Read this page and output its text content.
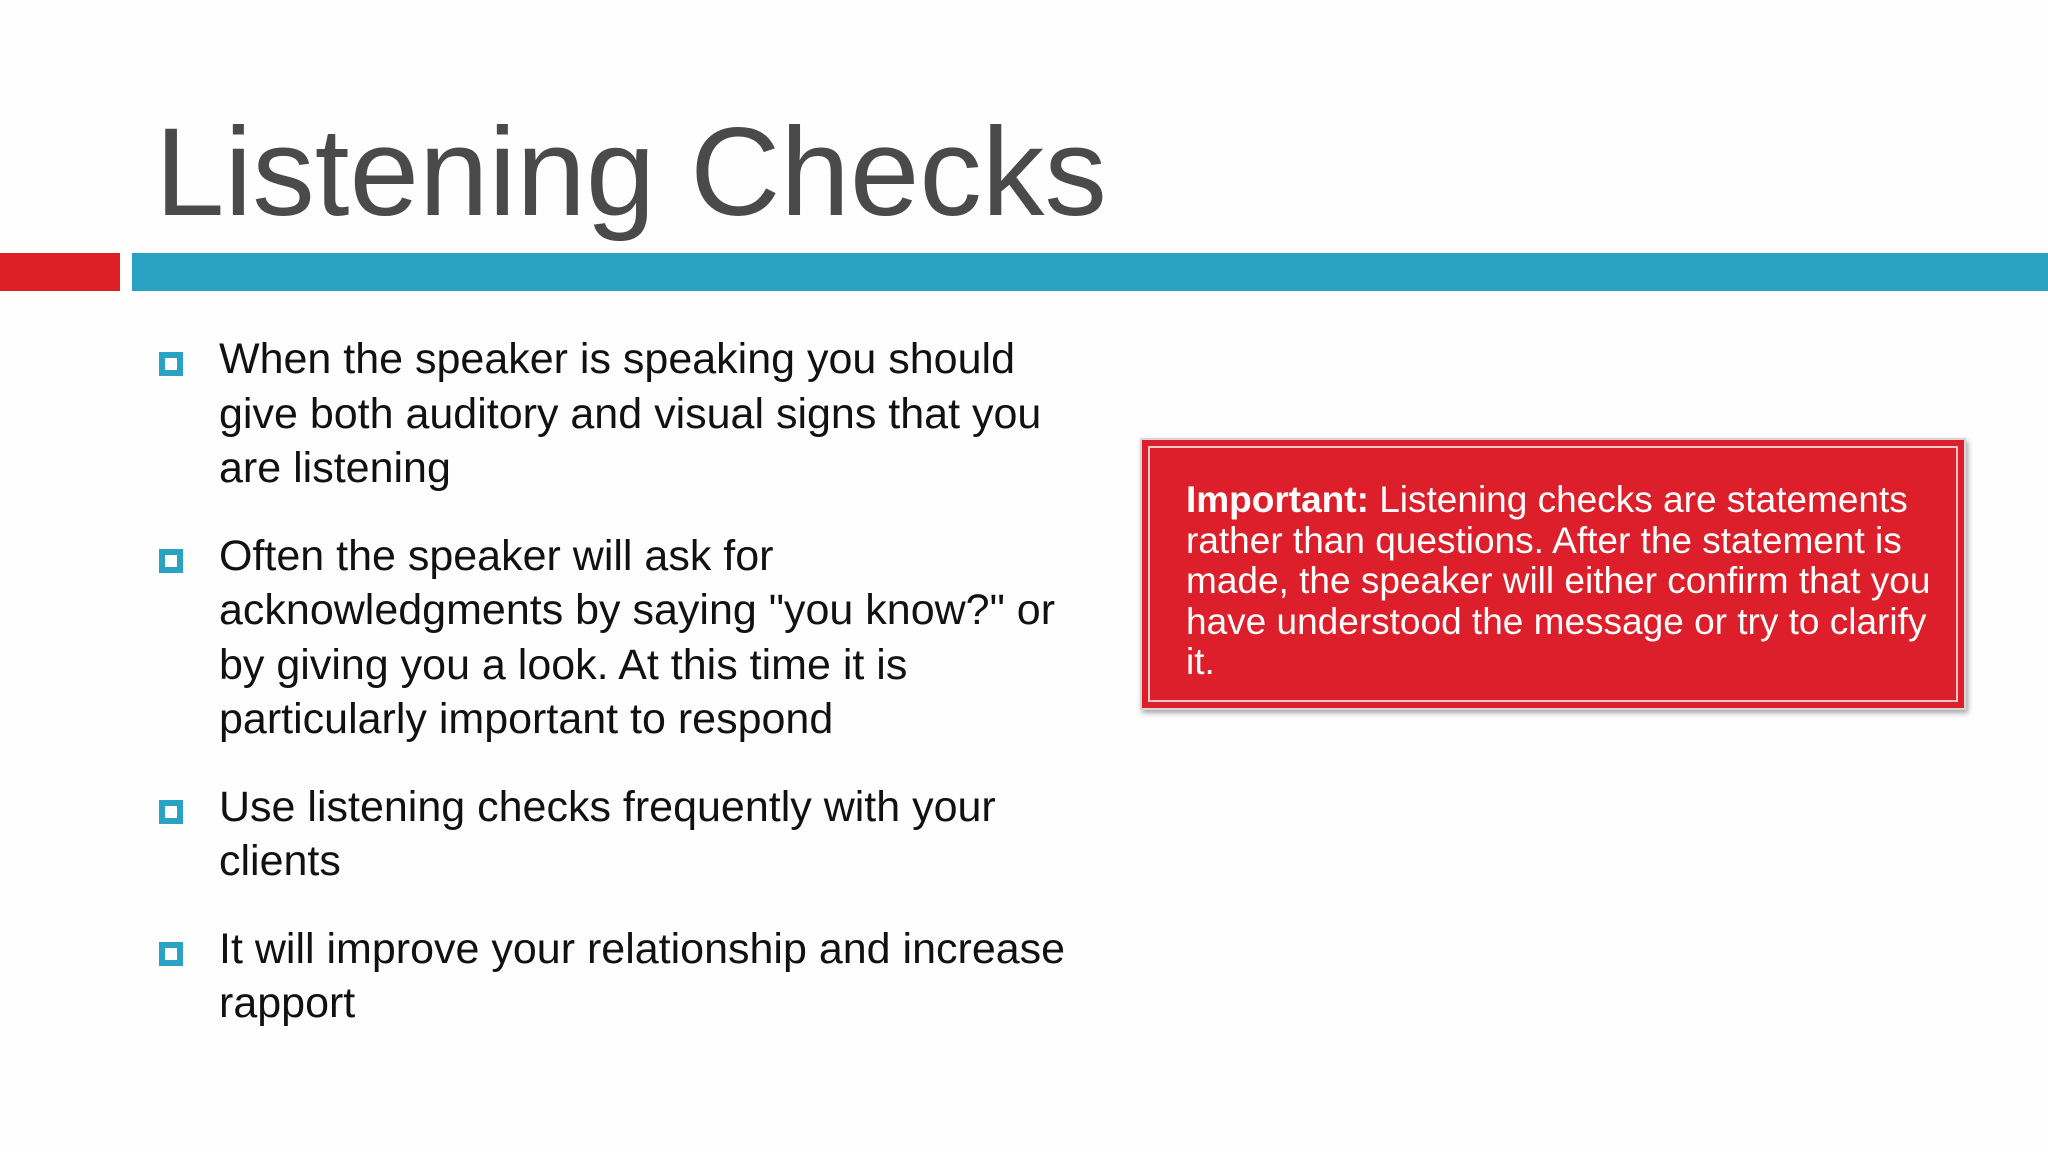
Listening Checks
When the speaker is speaking you should give both auditory and visual signs that you are listening
Often the speaker will ask for acknowledgments by saying "you know?" or by giving you a look. At this time it is particularly important to respond
Use listening checks frequently with your clients
It will improve your relationship and increase rapport

Important: Listening checks are statements rather than questions. After the statement is made, the speaker will either confirm that you have understood the message or try to clarify it.
